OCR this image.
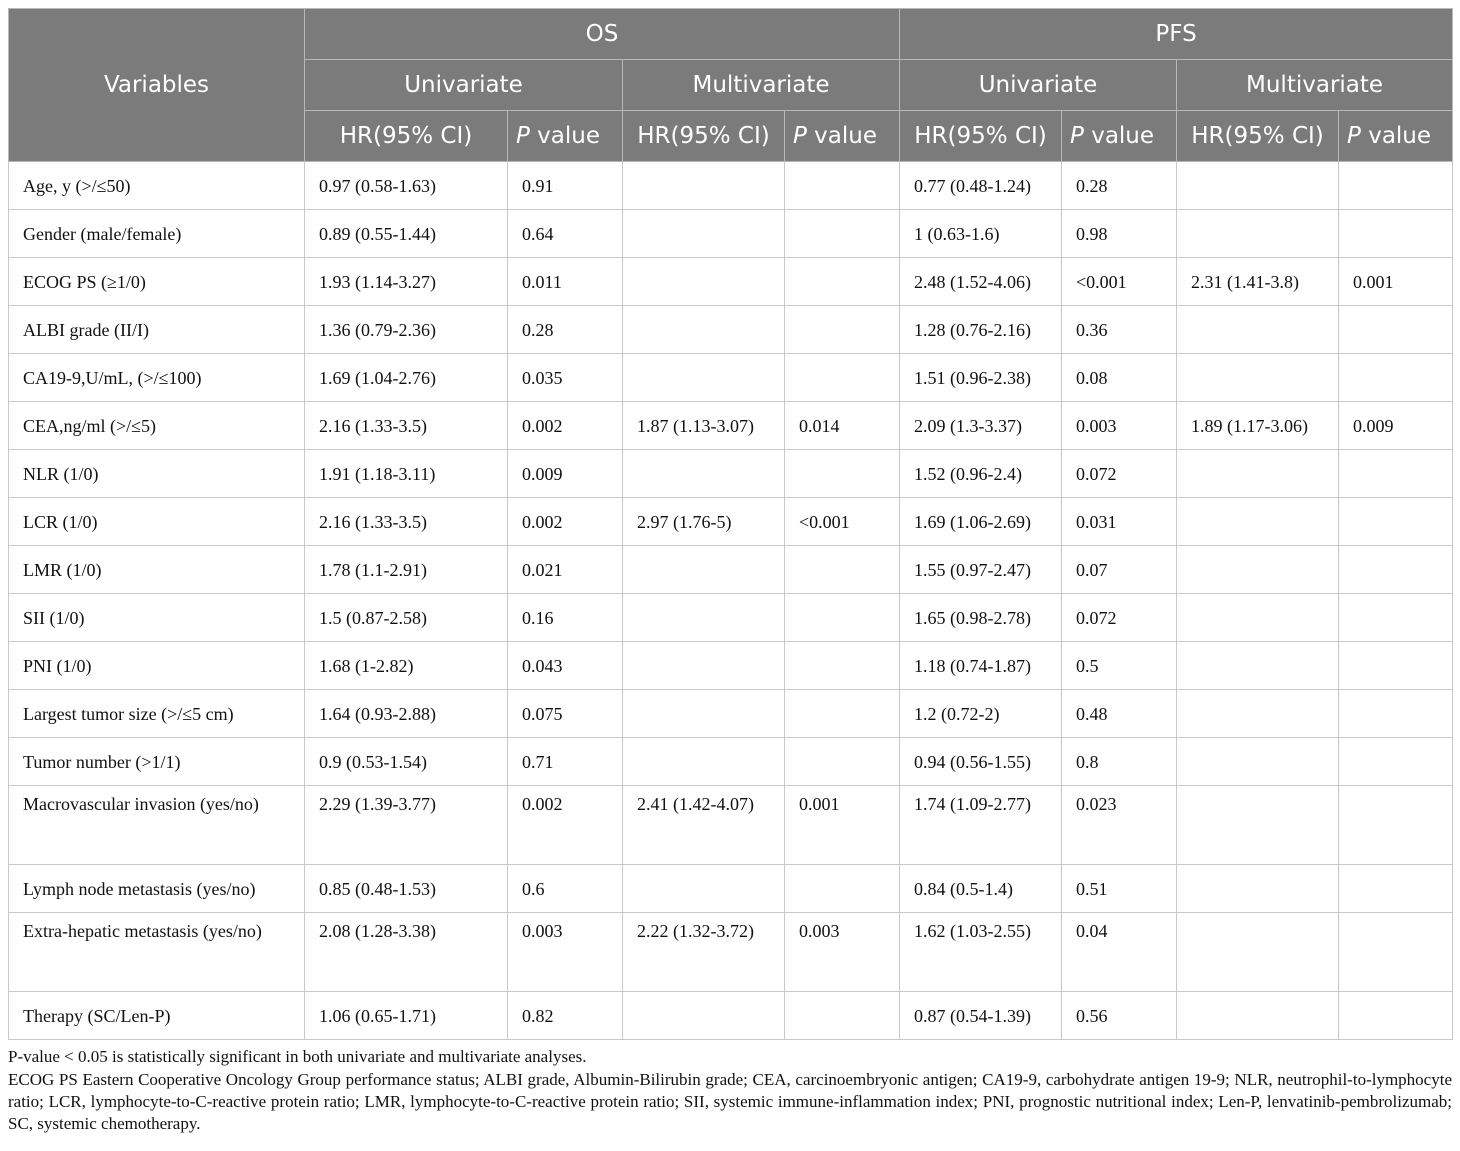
Variables	OS				PFS			
	Univariate		Multivariate		Univariate		Multivariate	
	HR(95% CI)	P value	HR(95% CI)	P value	HR(95% CI)	P value	HR(95% CI)	P value
Age, y (>/≤50)	0.97 (0.58-1.63)	0.91			0.77 (0.48-1.24)	0.28		
Gender (male/female)	0.89 (0.55-1.44)	0.64			1 (0.63-1.6)	0.98		
ECOG PS (≥1/0)	1.93 (1.14-3.27)	0.011			2.48 (1.52-4.06)	<0.001	2.31 (1.41-3.8)	0.001
ALBI grade (II/I)	1.36 (0.79-2.36)	0.28			1.28 (0.76-2.16)	0.36		
CA19-9,U/mL, (>/≤100)	1.69 (1.04-2.76)	0.035			1.51 (0.96-2.38)	0.08		
CEA,ng/ml (>/≤5)	2.16 (1.33-3.5)	0.002	1.87 (1.13-3.07)	0.014	2.09 (1.3-3.37)	0.003	1.89 (1.17-3.06)	0.009
NLR (1/0)	1.91 (1.18-3.11)	0.009			1.52 (0.96-2.4)	0.072		
LCR (1/0)	2.16 (1.33-3.5)	0.002	2.97 (1.76-5)	<0.001	1.69 (1.06-2.69)	0.031		
LMR (1/0)	1.78 (1.1-2.91)	0.021			1.55 (0.97-2.47)	0.07		
SII (1/0)	1.5 (0.87-2.58)	0.16			1.65 (0.98-2.78)	0.072		
PNI (1/0)	1.68 (1-2.82)	0.043			1.18 (0.74-1.87)	0.5		
Largest tumor size (>/≤5 cm)	1.64 (0.93-2.88)	0.075			1.2 (0.72-2)	0.48		
Tumor number (>1/1)	0.9 (0.53-1.54)	0.71			0.94 (0.56-1.55)	0.8		
Macrovascular invasion (yes/no)	2.29 (1.39-3.77)	0.002	2.41 (1.42-4.07)	0.001	1.74 (1.09-2.77)	0.023		
Lymph node metastasis (yes/no)	0.85 (0.48-1.53)	0.6			0.84 (0.5-1.4)	0.51		
Extra-hepatic metastasis (yes/no)	2.08 (1.28-3.38)	0.003	2.22 (1.32-3.72)	0.003	1.62 (1.03-2.55)	0.04		
Therapy (SC/Len-P)	1.06 (0.65-1.71)	0.82			0.87 (0.54-1.39)	0.56		

P-value < 0.05 is statistically significant in both univariate and multivariate analyses.

ECOG PS Eastern Cooperative Oncology Group performance status; ALBI grade, Albumin-Bilirubin grade; CEA, carcinoembryonic antigen; CA19-9, carbohydrate antigen 19-9; NLR, neutrophil-to-lymphocyte ratio; LCR, lymphocyte-to-C-reactive protein ratio; LMR, lymphocyte-to-C-reactive protein ratio; SII, systemic immune-inflammation index; PNI, prognostic nutritional index; Len-P, lenvatinib-pembrolizumab; SC, systemic chemotherapy.
